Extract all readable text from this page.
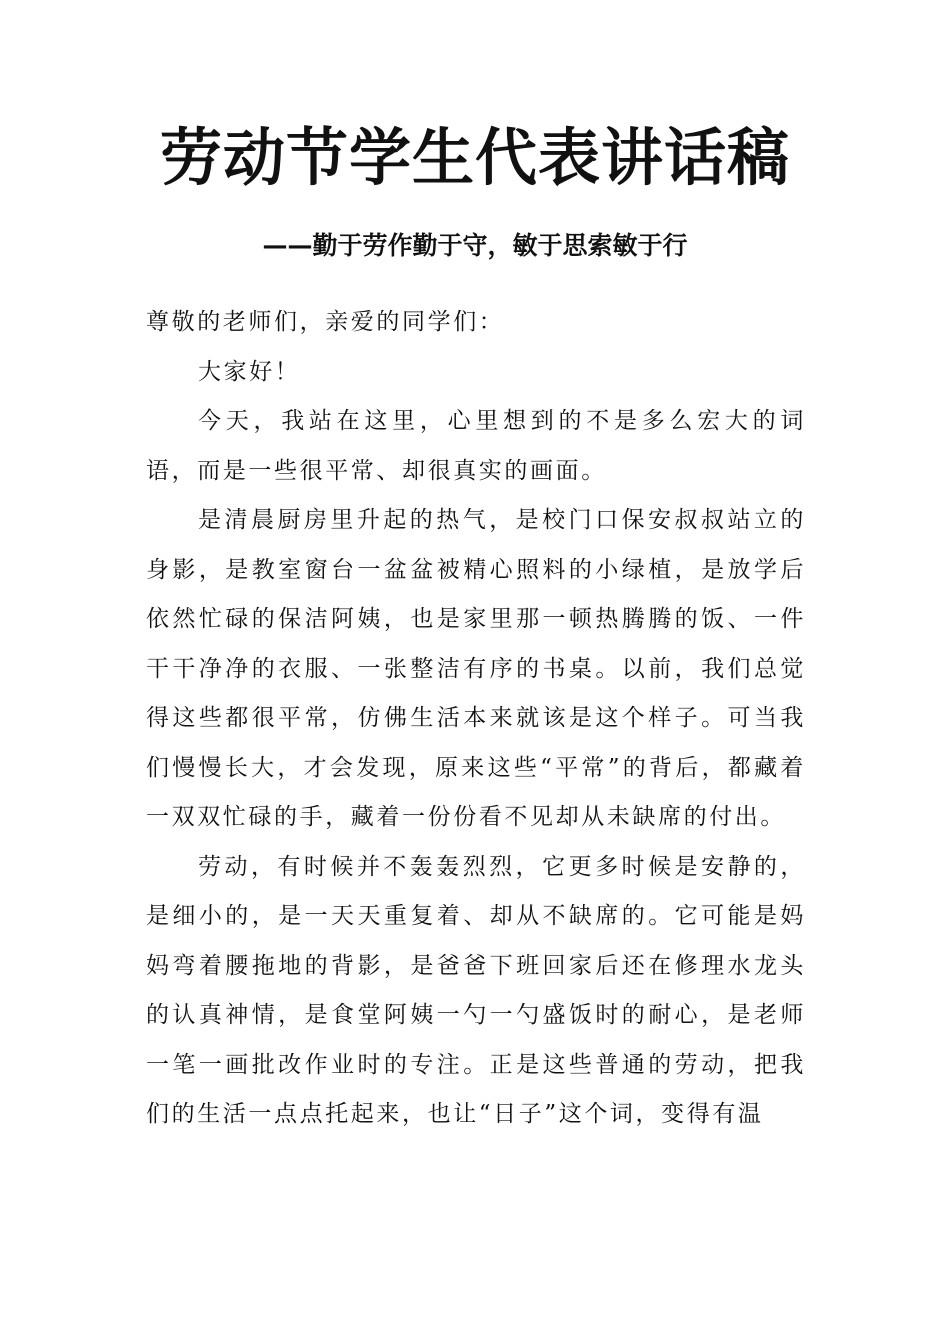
劳动节学生代表讲话稿
——勤于劳作勤于守，敏于思索敏于行

尊敬的老师们，亲爱的同学们：

大家好！

今天，我站在这里，心里想到的不是多么宏大的词语，而是一些很平常、却很真实的画面。

是清晨厨房里升起的热气，是校门口保安叔叔站立的身影，是教室窗台一盆盆被精心照料的小绿植，是放学后依然忙碌的保洁阿姨，也是家里那一顿热腾腾的饭、一件干干净净的衣服、一张整洁有序的书桌。以前，我们总觉得这些都很平常，仿佛生活本来就该是这个样子。可当我们慢慢长大，才会发现，原来这些“平常”的背后，都藏着一双双忙碌的手，藏着一份份看不见却从未缺席的付出。

劳动，有时候并不轰轰烈烈，它更多时候是安静的，是细小的，是一天天重复着、却从不缺席的。它可能是妈妈弯着腰拖地的背影，是爸爸下班回家后还在修理水龙头的认真神情，是食堂阿姨一勺一勺盛饭时的耐心，是老师一笔一画批改作业时的专注。正是这些普通的劳动，把我们的生活一点点托起来，也让“日子”这个词，变得有温
